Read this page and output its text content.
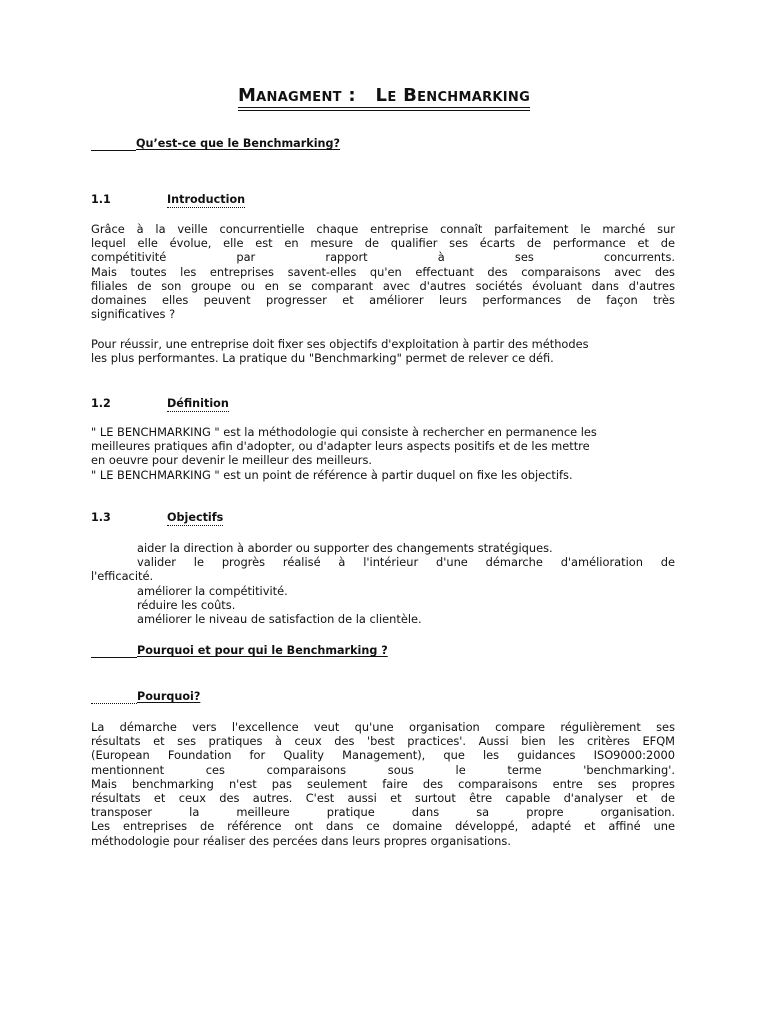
Managment :   Le Benchmarking
Qu’est-ce que le Benchmarking?
1.1	Introduction
Grâce à la veille concurrentielle chaque entreprise connaît parfaitement le marché sur
lequel elle évolue, elle est en mesure de qualifier ses écarts de performance et de
compétitivité par rapport à ses concurrents.
Mais toutes les entreprises savent-elles qu'en effectuant des comparaisons avec des
filiales de son groupe ou en se comparant avec d'autres sociétés évoluant dans d'autres
domaines elles peuvent progresser et améliorer leurs performances de façon très
significatives ?
Pour réussir, une entreprise doit fixer ses objectifs d'exploitation à partir des méthodes
les plus performantes. La pratique du "Benchmarking" permet de relever ce défi.
1.2	Définition
" LE BENCHMARKING " est la méthodologie qui consiste à rechercher en permanence les
meilleures pratiques afin d'adopter, ou d'adapter leurs aspects positifs et de les mettre
en oeuvre pour devenir le meilleur des meilleurs.
" LE BENCHMARKING " est un point de référence à partir duquel on fixe les objectifs.
1.3	Objectifs
aider la direction à aborder ou supporter des changements stratégiques.
valider le progrès réalisé à l'intérieur d'une démarche d'amélioration de
l'efficacité.
améliorer la compétitivité.
réduire les coûts.
améliorer le niveau de satisfaction de la clientèle.
Pourquoi et pour qui le Benchmarking ?
Pourquoi?
La démarche vers l'excellence veut qu'une organisation compare régulièrement ses
résultats et ses pratiques à ceux des 'best practices'. Aussi bien les critères EFQM
(European Foundation for Quality Management), que les guidances ISO9000:2000
mentionnent ces comparaisons sous le terme 'benchmarking'.
Mais benchmarking n'est pas seulement faire des comparaisons entre ses propres
résultats et ceux des autres. C'est aussi et surtout être capable d'analyser et de
transposer la meilleure pratique dans sa propre organisation.
Les entreprises de référence ont dans ce domaine développé, adapté et affiné une
méthodologie pour réaliser des percées dans leurs propres organisations.
